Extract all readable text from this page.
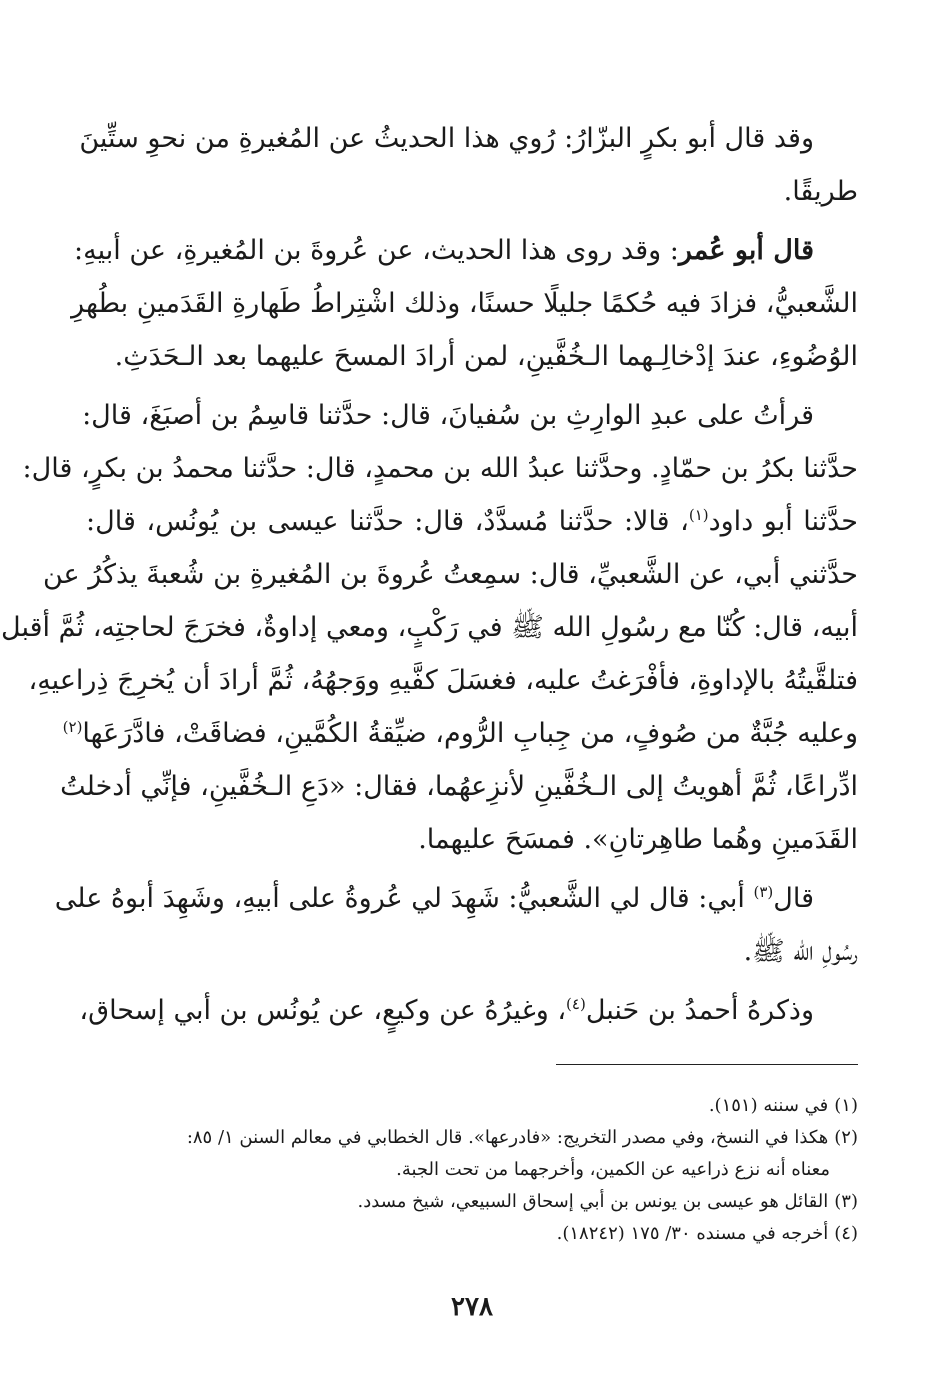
وقد قال أبو بكرٍ البزّارُ: رُوي هذا الحديثُ عن المُغيرةِ من نحوِ ستِّينَ
طريقًا.
قال أبو عُمر: وقد روى هذا الحديث، عن عُروةَ بن المُغيرةِ، عن أبيهِ:
الشَّعبيُّ، فزادَ فيه حُكمًا جليلًا حسنًا، وذلك اشْتِراطُ طَهارةِ القَدَمينِ بطُهرِ
الوُضُوءِ، عندَ إدْخالِـهما الـخُفَّينِ، لمن أرادَ المسحَ عليهما بعد الـحَدَثِ.
قرأتُ على عبدِ الوارِثِ بن سُفيانَ، قال: حدَّثنا قاسِمُ بن أصبَغَ، قال:
حدَّثنا بكرُ بن حمّادٍ. وحدَّثنا عبدُ الله بن محمدٍ، قال: حدَّثنا محمدُ بن بكرٍ، قال:
حدَّثنا أبو داود$^{(١)}$، قالا: حدَّثنا مُسدَّدٌ، قال: حدَّثنا عيسى بن يُونُس، قال:
حدَّثني أبي، عن الشَّعبيِّ، قال: سمِعتُ عُروةَ بن المُغيرةِ بن شُعبةَ يذكُرُ عن
أبيه، قال: كُنّا مع رسُولِ الله ﷺ في رَكْبٍ، ومعي إداوةٌ، فخرَجَ لحاجتِه، ثُمَّ أقبل
فتلقَّيتُهُ بالإداوةِ، فأفْرَغتُ عليه، فغسَلَ كفَّيهِ ووَجهُهُ، ثُمَّ أرادَ أن يُخرِجَ ذِراعيهِ،
وعليه جُبَّةٌ من صُوفٍ، من جِبابِ الرُّوم، ضيِّقةُ الكُمَّينِ، فضاقَتْ، فادَّرَعَها$^{(٢)}$
ادِّراعًا، ثُمَّ أهويتُ إلى الـخُفَّينِ لأنزِعهُما، فقال: «دَعِ الـخُفَّينِ، فإنِّي أدخلتُ
القَدَمينِ وهُما طاهِرتانِ». فمسَحَ عليهما.
قال$^{(٣)}$ أبي: قال لي الشَّعبيُّ: شَهِدَ لي عُروةُ على أبيهِ، وشَهِدَ أبوهُ على
رسُولِ الله ﷺ.
وذكرهُ أحمدُ بن حَنبل$^{(٤)}$، وغيرُهُ عن وكيعٍ، عن يُونُس بن أبي إسحاق،
(١)في سننه (١٥١).
(٢)هكذا في النسخ، وفي مصدر التخريج: «فادرعها». قال الخطابي في معالم السنن ١/ ٨٥:
معناه أنه نزع ذراعيه عن الكمين، وأخرجهما من تحت الجبة.
(٣)القائل هو عيسى بن يونس بن أبي إسحاق السبيعي، شيخ مسدد.
(٤)أخرجه في مسنده ٣٠/ ١٧٥ (١٨٢٤٢).
٢٧٨
